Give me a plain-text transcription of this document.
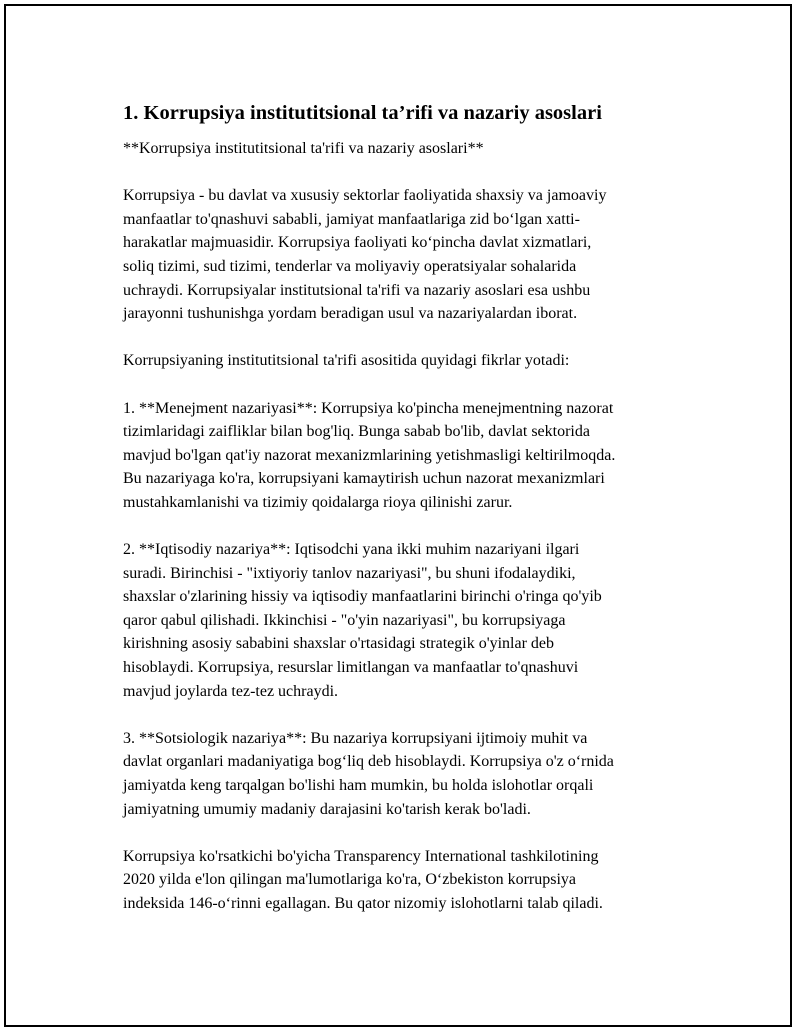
1. Korrupsiya institutitsional ta’rifi va nazariy asoslari

**Korrupsiya institutitsional ta'rifi va nazariy asoslari**

Korrupsiya - bu davlat va xususiy sektorlar faoliyatida shaxsiy va jamoaviy
manfaatlar to'qnashuvi sababli, jamiyat manfaatlariga zid bo‘lgan xatti-
harakatlar majmuasidir. Korrupsiya faoliyati ko‘pincha davlat xizmatlari,
soliq tizimi, sud tizimi, tenderlar va moliyaviy operatsiyalar sohalarida
uchraydi. Korrupsiyalar institutsional ta'rifi va nazariy asoslari esa ushbu
jarayonni tushunishga yordam beradigan usul va nazariyalardan iborat.

Korrupsiyaning institutitsional ta'rifi asositida quyidagi fikrlar yotadi:

1. **Menejment nazariyasi**: Korrupsiya ko'pincha menejmentning nazorat
tizimlaridagi zaifliklar bilan bog'liq. Bunga sabab bo'lib, davlat sektorida
mavjud bo'lgan qat'iy nazorat mexanizmlarining yetishmasligi keltirilmoqda.
Bu nazariyaga ko'ra, korrupsiyani kamaytirish uchun nazorat mexanizmlari
mustahkamlanishi va tizimiy qoidalarga rioya qilinishi zarur.

2. **Iqtisodiy nazariya**: Iqtisodchi yana ikki muhim nazariyani ilgari
suradi. Birinchisi - "ixtiyoriy tanlov nazariyasi", bu shuni ifodalaydiki,
shaxslar o'zlarining hissiy va iqtisodiy manfaatlarini birinchi o'ringa qo'yib
qaror qabul qilishadi. Ikkinchisi - "o'yin nazariyasi", bu korrupsiyaga
kirishning asosiy sababini shaxslar o'rtasidagi strategik o'yinlar deb
hisoblaydi. Korrupsiya, resurslar limitlangan va manfaatlar to'qnashuvi
mavjud joylarda tez-tez uchraydi.

3. **Sotsiologik nazariya**: Bu nazariya korrupsiyani ijtimoiy muhit va
davlat organlari madaniyatiga bog‘liq deb hisoblaydi. Korrupsiya o'z o‘rnida
jamiyatda keng tarqalgan bo'lishi ham mumkin, bu holda islohotlar orqali
jamiyatning umumiy madaniy darajasini ko'tarish kerak bo'ladi.

Korrupsiya ko'rsatkichi bo'yicha Transparency International tashkilotining
2020 yilda e'lon qilingan ma'lumotlariga ko'ra, O‘zbekiston korrupsiya
indeksida 146-o‘rinni egallagan. Bu qator nizomiy islohotlarni talab qiladi.
